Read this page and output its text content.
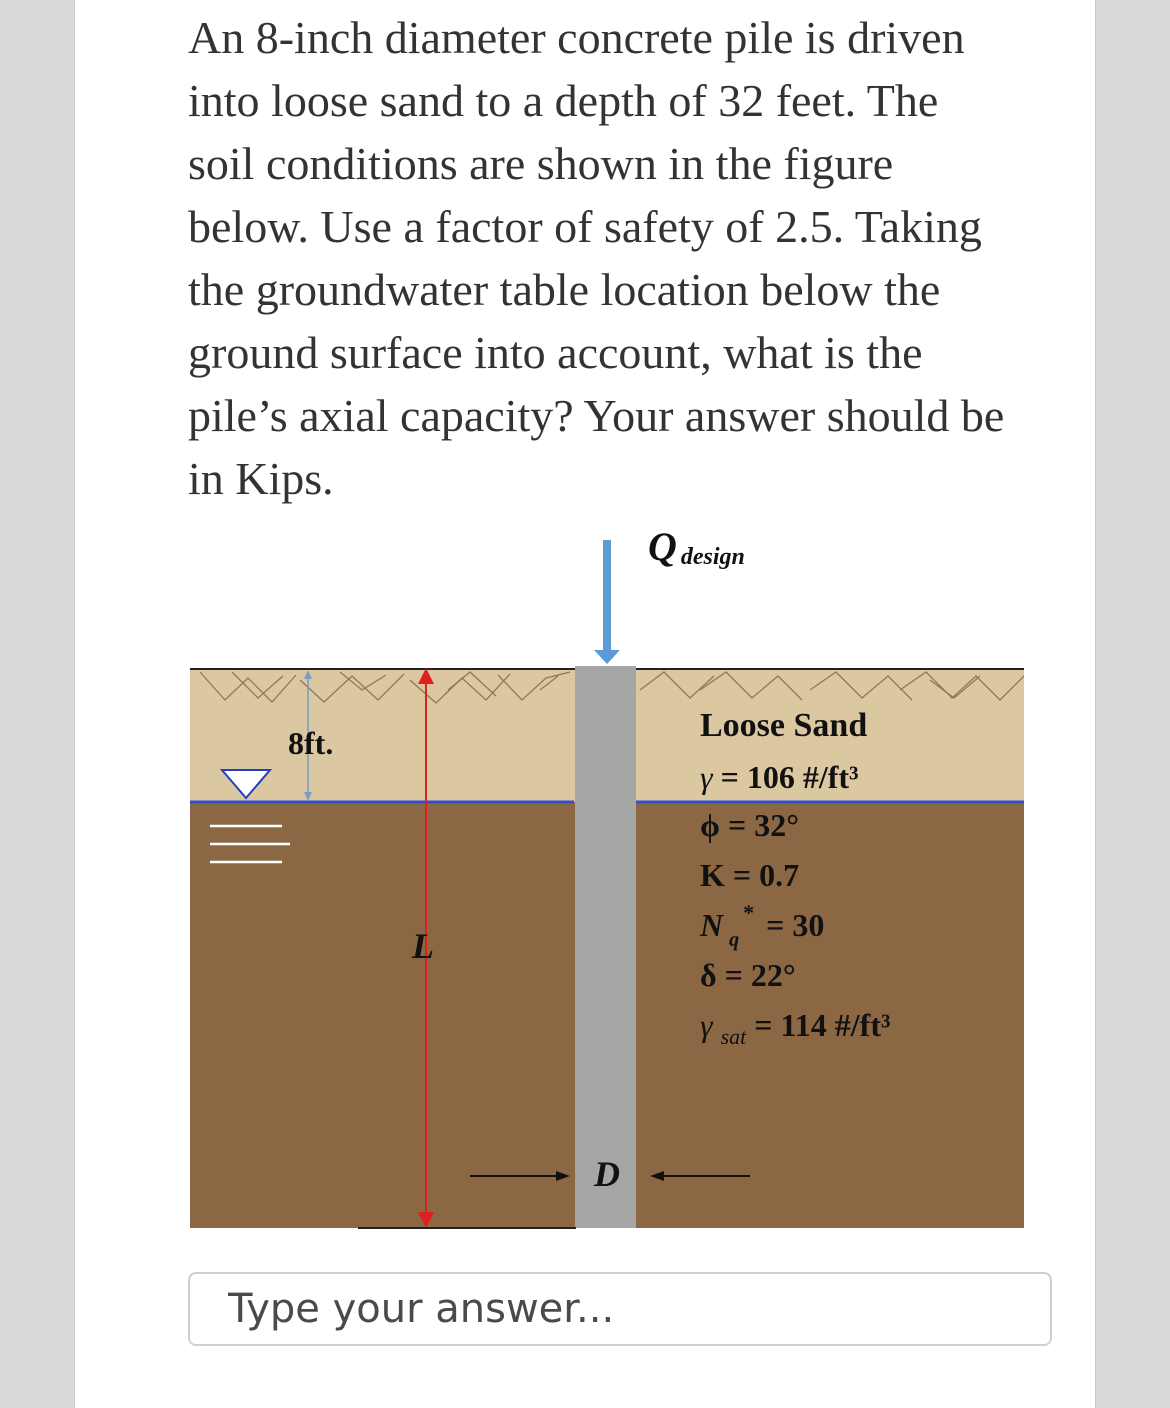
An 8-inch diameter concrete pile is driven
into loose sand to a depth of 32 feet. The
soil conditions are shown in the figure
below. Use a factor of safety of 2.5. Taking
the groundwater table location below the
ground surface into account, what is the
pile’s axial capacity? Your answer should be
in Kips.
8ft.
L
Q design
D
Loose Sand
γ = 106 #/ft³
ϕ = 32°
K = 0.7
N q * = 30
δ = 22°
γ $_{sat}$ = 114 #/ft³
Type your answer...
